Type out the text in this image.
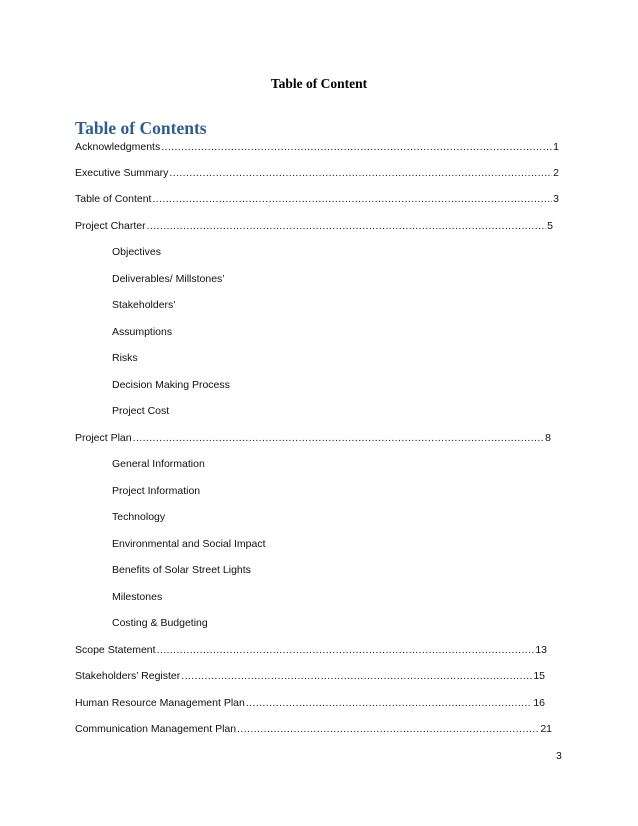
Table of Content
Table of Contents
Acknowledgments .....	1
Executive Summary .....	2
Table of Content .....	3
Project Charter .....	5
Objectives
Deliverables/ Millstones’
Stakeholders’
Assumptions
Risks
Decision Making Process
Project Cost
Project Plan .....	8
General Information
Project Information
Technology
Environmental and Social Impact
Benefits of Solar Street Lights
Milestones
Costing & Budgeting
Scope Statement .....	13
Stakeholders’ Register .....	15
Human Resource Management Plan .....	16
Communication Management Plan .....	21
3
